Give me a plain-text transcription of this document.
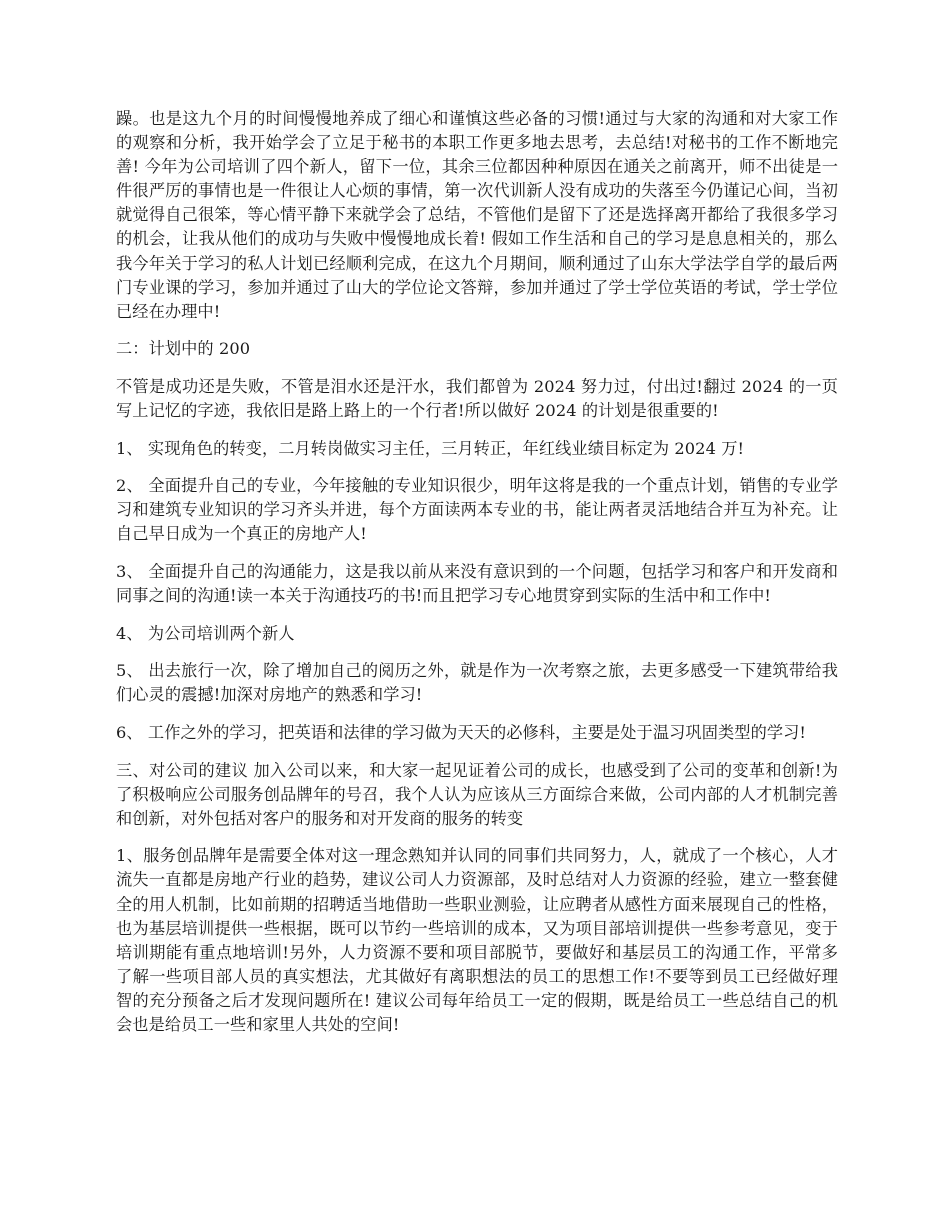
躁。也是这九个月的时间慢慢地养成了细心和谨慎这些必备的习惯!通过与大家的沟通和对大家工作的观察和分析，我开始学会了立足于秘书的本职工作更多地去思考，去总结!对秘书的工作不断地完善! 今年为公司培训了四个新人，留下一位，其余三位都因种种原因在通关之前离开，师不出徒是一件很严厉的事情也是一件很让人心烦的事情，第一次代训新人没有成功的失落至今仍谨记心间，当初就觉得自己很笨，等心情平静下来就学会了总结，不管他们是留下了还是选择离开都给了我很多学习的机会，让我从他们的成功与失败中慢慢地成长着! 假如工作生活和自己的学习是息息相关的，那么我今年关于学习的私人计划已经顺利完成，在这九个月期间，顺利通过了山东大学法学自学的最后两门专业课的学习，参加并通过了山大的学位论文答辩，参加并通过了学士学位英语的考试，学士学位已经在办理中!

二：计划中的 200

不管是成功还是失败，不管是泪水还是汗水，我们都曾为 2024 努力过，付出过!翻过 2024 的一页写上记忆的字迹，我依旧是路上路上的一个行者!所以做好 2024 的计划是很重要的!

1、 实现角色的转变，二月转岗做实习主任，三月转正，年红线业绩目标定为 2024 万!

2、 全面提升自己的专业，今年接触的专业知识很少，明年这将是我的一个重点计划，销售的专业学习和建筑专业知识的学习齐头并进，每个方面读两本专业的书，能让两者灵活地结合并互为补充。让自己早日成为一个真正的房地产人!

3、 全面提升自己的沟通能力，这是我以前从来没有意识到的一个问题，包括学习和客户和开发商和同事之间的沟通!读一本关于沟通技巧的书!而且把学习专心地贯穿到实际的生活中和工作中!

4、 为公司培训两个新人

5、 出去旅行一次，除了增加自己的阅历之外，就是作为一次考察之旅，去更多感受一下建筑带给我们心灵的震撼!加深对房地产的熟悉和学习!

6、 工作之外的学习，把英语和法律的学习做为天天的必修科，主要是处于温习巩固类型的学习!

三、对公司的建议 加入公司以来，和大家一起见证着公司的成长，也感受到了公司的变革和创新!为了积极响应公司服务创品牌年的号召，我个人认为应该从三方面综合来做，公司内部的人才机制完善和创新，对外包括对客户的服务和对开发商的服务的转变

1、服务创品牌年是需要全体对这一理念熟知并认同的同事们共同努力，人，就成了一个核心，人才流失一直都是房地产行业的趋势，建议公司人力资源部，及时总结对人力资源的经验，建立一整套健全的用人机制，比如前期的招聘适当地借助一些职业测验，让应聘者从感性方面来展现自己的性格，也为基层培训提供一些根据，既可以节约一些培训的成本，又为项目部培训提供一些参考意见，变于培训期能有重点地培训!另外，人力资源不要和项目部脱节，要做好和基层员工的沟通工作，平常多了解一些项目部人员的真实想法，尤其做好有离职想法的员工的思想工作!不要等到员工已经做好理智的充分预备之后才发现问题所在! 建议公司每年给员工一定的假期，既是给员工一些总结自己的机会也是给员工一些和家里人共处的空间!
